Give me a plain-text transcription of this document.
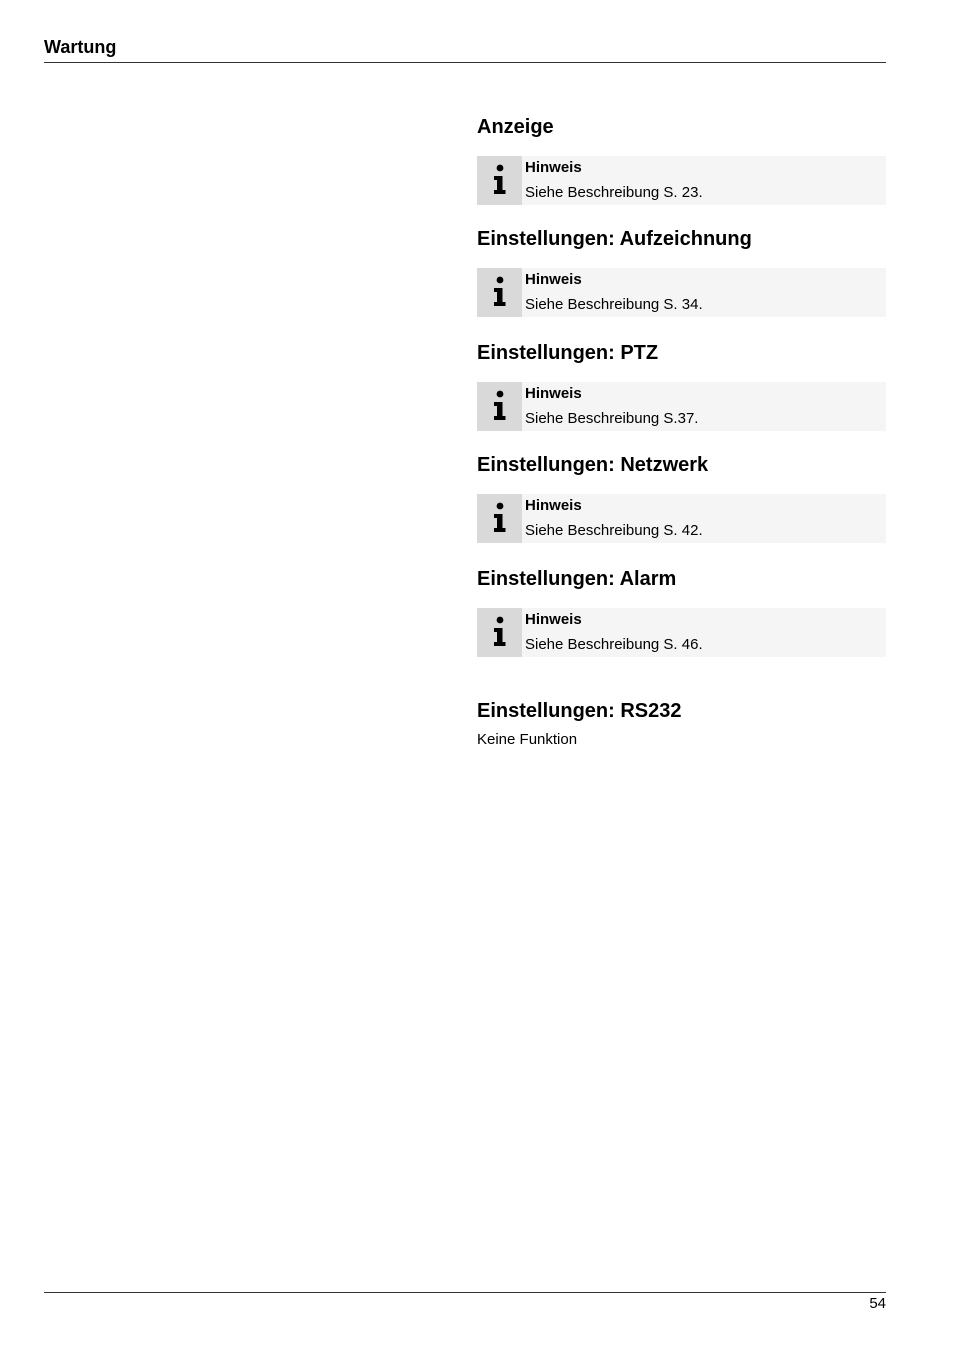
Wartung
Anzeige
Hinweis
Siehe Beschreibung S. 23.
Einstellungen: Aufzeichnung
Hinweis
Siehe Beschreibung S. 34.
Einstellungen: PTZ
Hinweis
Siehe Beschreibung S.37.
Einstellungen: Netzwerk
Hinweis
Siehe Beschreibung S. 42.
Einstellungen: Alarm
Hinweis
Siehe Beschreibung S. 46.
Einstellungen: RS232
Keine Funktion
54
